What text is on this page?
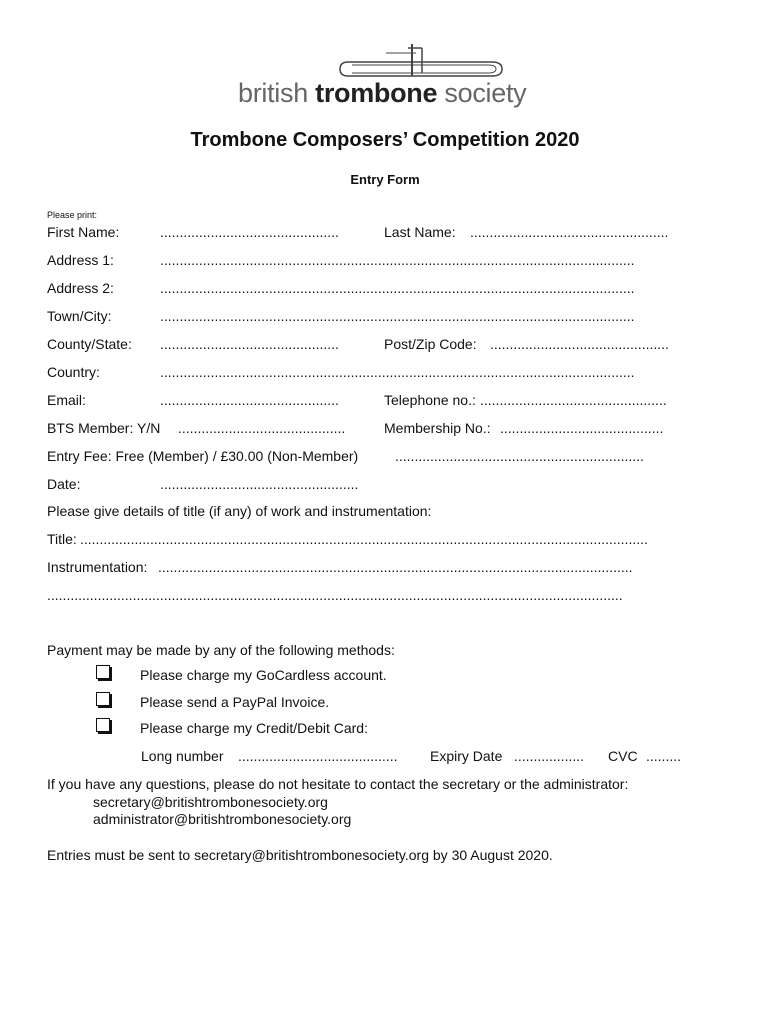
british trombone society
Trombone Composers’ Competition 2020
Entry Form
Please print:
First Name:	..............................................	Last Name: ...................................................
Address 1:	..........................................................................................................................
Address 2:	..........................................................................................................................
Town/City:	..........................................................................................................................
County/State: ..............................................	Post/Zip Code: ..............................................
Country:	..........................................................................................................................
Email:	..............................................	Telephone no.: ................................................
BTS Member: Y/N ...........................................	Membership No.: ..........................................
Entry Fee: Free (Member) / £30.00 (Non-Member)	................................................................
Date:	...................................................
Please give details of title (if any) of work and instrumentation:
Title: ..................................................................................................................................................
Instrumentation: ..........................................................................................................................
....................................................................................................................................................
Payment may be made by any of the following methods:
Please charge my GoCardless account.
Please send a PayPal Invoice.
Please charge my Credit/Debit Card:
Long number ......................................... Expiry Date .................. CVC .........
If you have any questions, please do not hesitate to contact the secretary or the administrator:
secretary@britishtrombonesociety.org
administrator@britishtrombonesociety.org
Entries must be sent to secretary@britishtrombonesociety.org by 30 August 2020.
